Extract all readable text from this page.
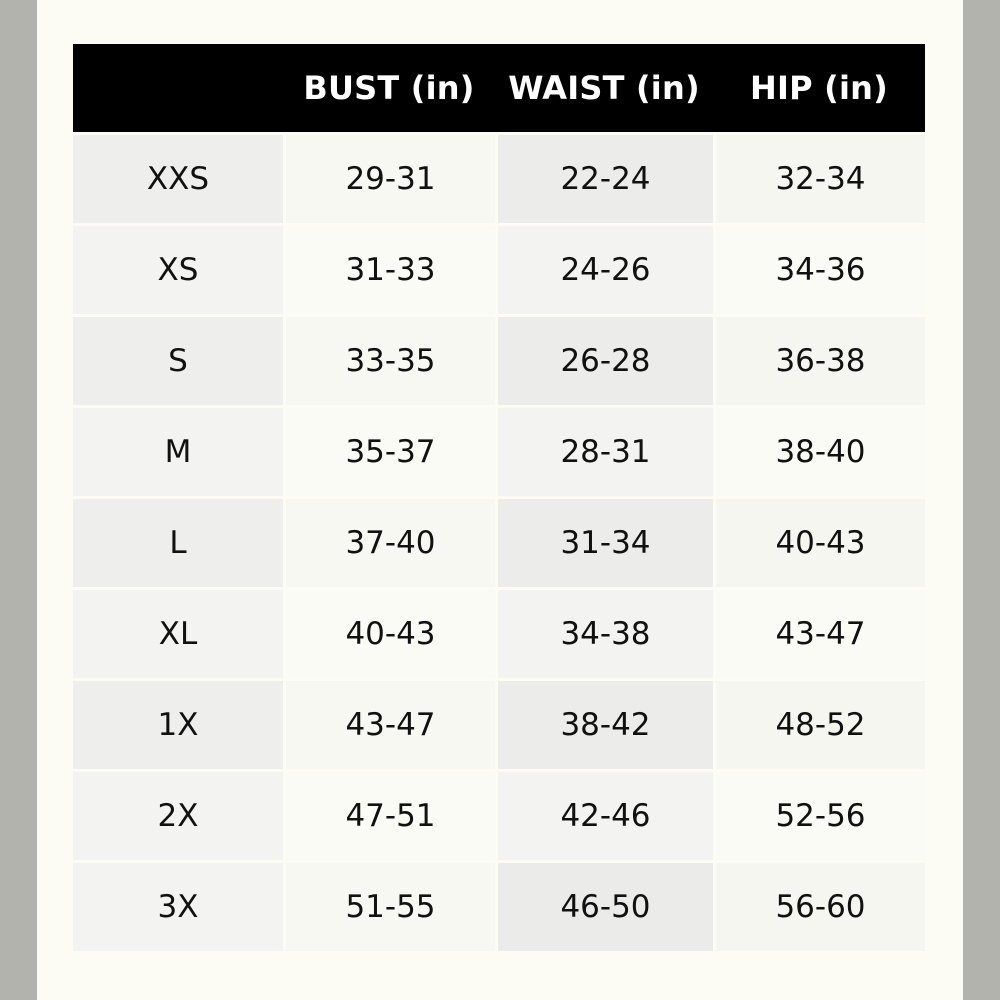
	BUST (in)	WAIST (in)	HIP (in)
XXS	29-31	22-24	32-34
XS	31-33	24-26	34-36
S	33-35	26-28	36-38
M	35-37	28-31	38-40
L	37-40	31-34	40-43
XL	40-43	34-38	43-47
1X	43-47	38-42	48-52
2X	47-51	42-46	52-56
3X	51-55	46-50	56-60
